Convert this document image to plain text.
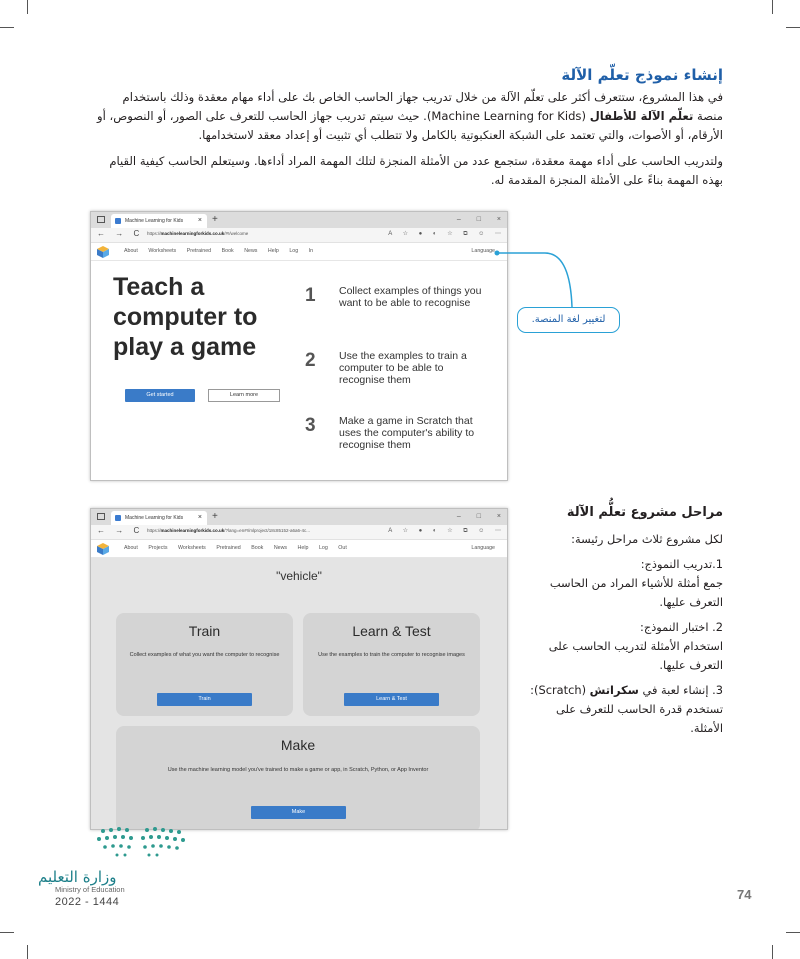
إنشاء نموذج تعلّم الآلة
في هذا المشروع، ستتعرف أكثر على تعلّم الآلة من خلال تدريب جهاز الحاسب الخاص بك على أداء مهام معقدة وذلك باستخدام
منصة تعلّم الآلة للأطفال (Machine Learning for Kids). حيث سيتم تدريب جهاز الحاسب للتعرف على الصور، أو النصوص، أو
الأرقام، أو الأصوات، والتي تعتمد على الشبكة العنكبوتية بالكامل ولا تتطلب أي تثبيت أو إعداد معقد لاستخدامها.
ولتدريب الحاسب على أداء مهمة معقدة، ستجمع عدد من الأمثلة المنجزة لتلك المهمة المراد أداءها. وسيتعلم الحاسب كيفية القيام
بهذه المهمة بناءً على الأمثلة المنجزة المقدمة له.
Machine Learning for Kids × +	– □ ×
← → C https://machinelearningforkids.co.uk/#!/welcome	A ☆ ● ◐ ☆ ⧉ ☺ ⋯
About Worksheets Pretrained Book News Help Log In	Language
Teach a computer to play a game
Get started	Learn more
1 Collect examples of things you want to be able to recognise
2 Use the examples to train a computer to be able to recognise them
3 Make a game in Scratch that uses the computer's ability to recognise them
لتغيير لغة المنصة.
Machine Learning for Kids × +	– □ ×
← → C https://machinelearningforkids.co.uk/?lang=en#!/mlproject/18c85152-a6a6-4c...	A ☆ ● ◐ ☆ ⧉ ☺ ⋯
About Projects Worksheets Pretrained Book News Help Log Out	Language
"vehicle"
Train
Collect examples of what you want the computer to recognise
Train
Learn & Test
Use the examples to train the computer to recognise images
Learn & Test
Make
Use the machine learning model you've trained to make a game or app, in Scratch, Python, or App Inventor
Make
مراحل مشروع تعلُّم الآلة
لكل مشروع ثلاث مراحل رئيسة:
1.تدريب النموذج:
جمع أمثلة للأشياء المراد من الحاسب
التعرف عليها.
2. اختبار النموذج:
استخدام الأمثلة لتدريب الحاسب على
التعرف عليها.
3. إنشاء لعبة في سكراتش (Scratch):
تستخدم قدرة الحاسب للتعرف على
الأمثلة.
وزارة التعليم
Ministry of Education
2022 - 1444	74
